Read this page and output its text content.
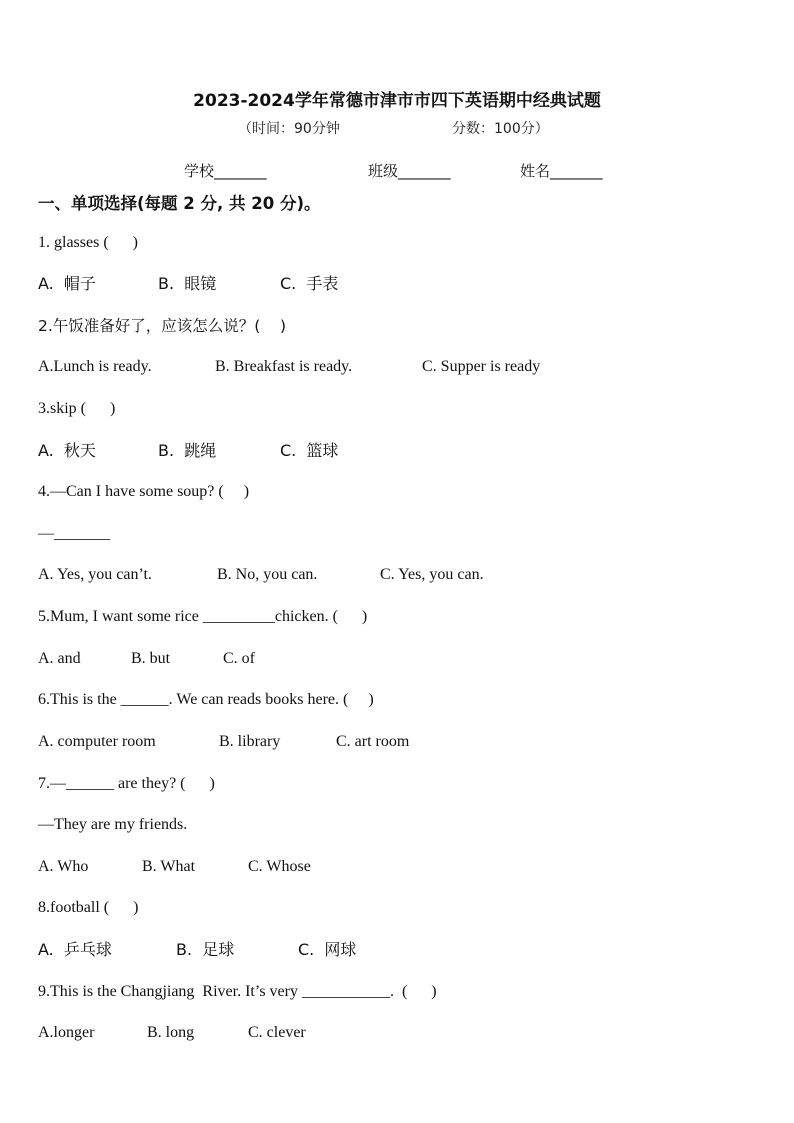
2023-2024学年常德市津市市四下英语期中经典试题
（时间：90分钟	分数：100分）
学校_______	班级_______	姓名_______
一、单项选择(每题 2 分, 共 20 分)。
1. glasses (      )
A.  帽子	B.  眼镜	C.  手表
2.午饭准备好了，应该怎么说？(    )
A.Lunch is ready.	B. Breakfast is ready.	C. Supper is ready
3.skip (      )
A.  秋天	B.  跳绳	C.  篮球
4.—Can I have some soup? (     )
—_______
A. Yes, you can’t.	B. No, you can.	C. Yes, you can.
5.Mum, I want some rice _________chicken. (      )
A. and	B. but	C. of
6.This is the ______. We can reads books here. (     )
A. computer room	B. library	C. art room
7.—______ are they? (      )
—They are my friends.
A. Who	B. What	C. Whose
8.football (      )
A.  乒乓球	B.  足球	C.  网球
9.This is the Changjiang  River. It’s very ___________.  (      )
A.longer	B. long	C. clever
